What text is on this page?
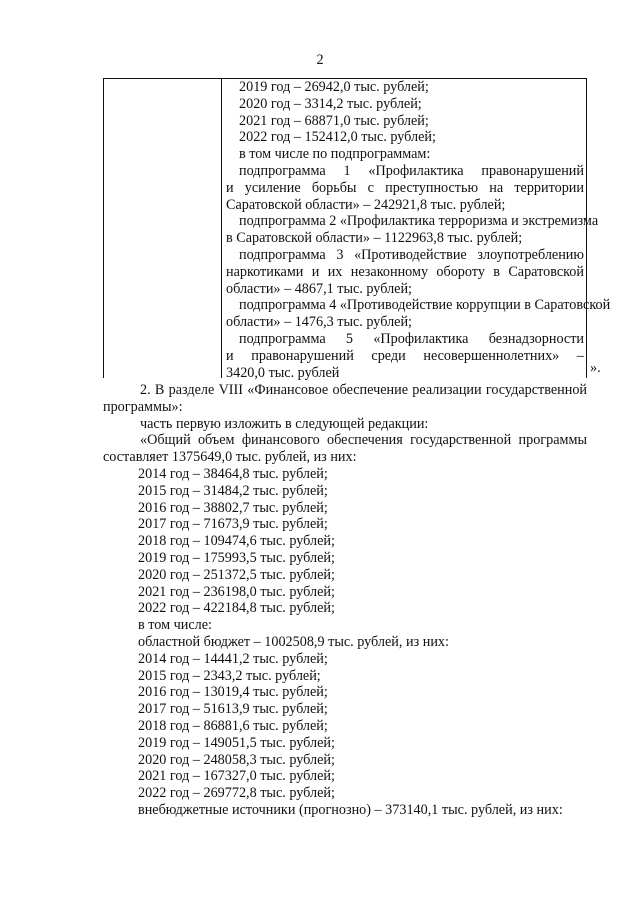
2
2019 год – 26942,0 тыс. рублей;
2020 год – 3314,2 тыс. рублей;
2021 год – 68871,0 тыс. рублей;
2022 год – 152412,0 тыс. рублей;
в том числе по подпрограммам:
подпрограмма 1 «Профилактика правонарушений
и усиление борьбы с преступностью на территории
Саратовской области» – 242921,8 тыс. рублей;
подпрограмма 2 «Профилактика терроризма и экстремизма
в Саратовской области» – 1122963,8 тыс. рублей;
подпрограмма 3 «Противодействие злоупотреблению
наркотиками и их незаконному обороту в Саратовской
области» – 4867,1 тыс. рублей;
подпрограмма 4 «Противодействие коррупции в Саратовской
области» – 1476,3 тыс. рублей;
подпрограмма 5 «Профилактика безнадзорности
и правонарушений среди несовершеннолетних» –
3420,0 тыс. рублей	».
2. В разделе VIII «Финансовое обеспечение реализации государственной
программы»:
часть первую изложить в следующей редакции:
«Общий объем финансового обеспечения государственной программы
составляет 1375649,0 тыс. рублей, из них:
2014 год – 38464,8 тыс. рублей;
2015 год – 31484,2 тыс. рублей;
2016 год – 38802,7 тыс. рублей;
2017 год – 71673,9 тыс. рублей;
2018 год – 109474,6 тыс. рублей;
2019 год – 175993,5 тыс. рублей;
2020 год – 251372,5 тыс. рублей;
2021 год – 236198,0 тыс. рублей;
2022 год – 422184,8 тыс. рублей;
в том числе:
областной бюджет – 1002508,9 тыс. рублей, из них:
2014 год – 14441,2 тыс. рублей;
2015 год – 2343,2 тыс. рублей;
2016 год – 13019,4 тыс. рублей;
2017 год – 51613,9 тыс. рублей;
2018 год – 86881,6 тыс. рублей;
2019 год – 149051,5 тыс. рублей;
2020 год – 248058,3 тыс. рублей;
2021 год – 167327,0 тыс. рублей;
2022 год – 269772,8 тыс. рублей;
внебюджетные источники (прогнозно) – 373140,1 тыс. рублей, из них:
